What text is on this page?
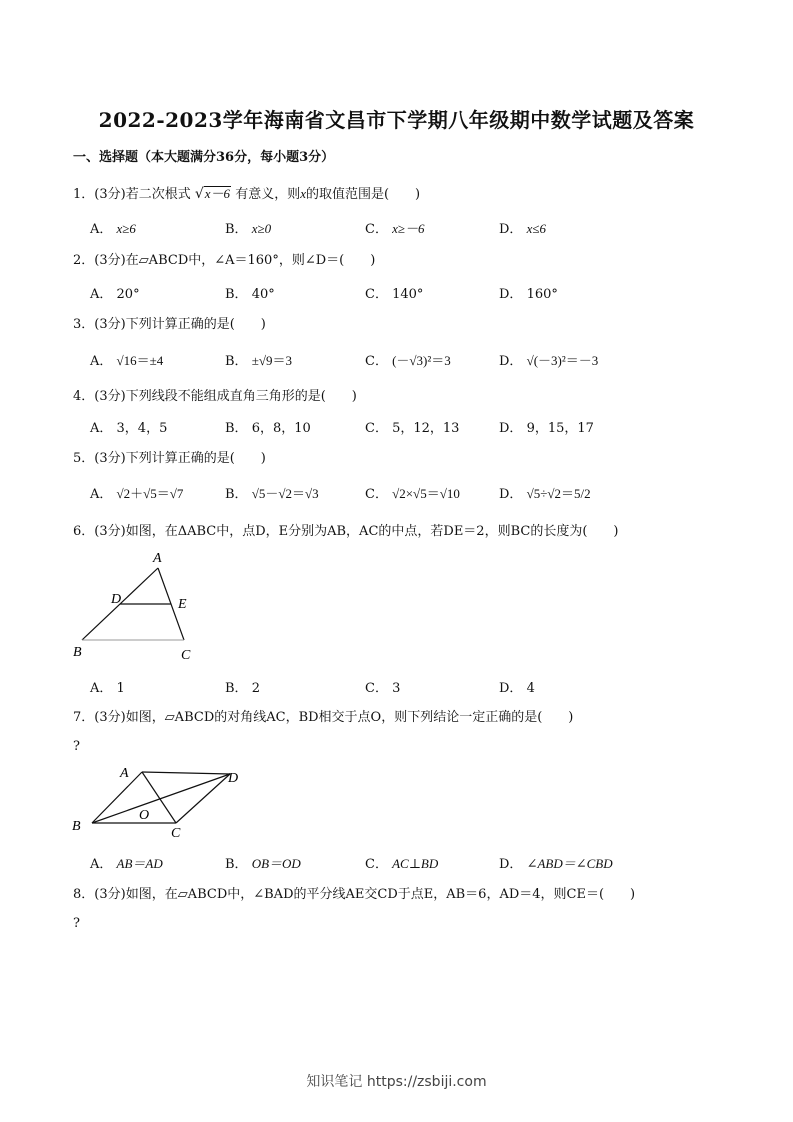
2022-2023学年海南省文昌市下学期八年级期中数学试题及答案
一、选择题（本大题满分36分，每小题3分）
1．(3分)若二次根式 √x－6 有意义，则x的取值范围是(　　)
A． x≥6	B． x≥0	C． x≥－6	D． x≤6
2．(3分)在▱ABCD中，∠A＝160°，则∠D＝(　　)
A． 20°	B． 40°	C． 140°	D． 160°
3．(3分)下列计算正确的是(　　)
A． √16＝±4	B． ±√9＝3	C． (－√3)²＝3	D． √(－3)²＝－3
4．(3分)下列线段不能组成直角三角形的是(　　)
A． 3，4，5	B． 6，8，10	C． 5，12，13	D． 9，15，17
5．(3分)下列计算正确的是(　　)
A． √2＋√5＝√7	B． √5－√2＝√3	C． √2×√5＝√10	D． √5÷√2＝5/2
6．(3分)如图，在ΔABC中，点D，E分别为AB，AC的中点，若DE＝2，则BC的长度为(　　)
A
D	E
B	C
A． 1	B． 2	C． 3	D． 4
7．(3分)如图，▱ABCD的对角线AC，BD相交于点O，则下列结论一定正确的是(　　)
?
A	D
B
O
C
A． AB＝AD	B． OB＝OD	C． AC⊥BD	D． ∠ABD＝∠CBD
8．(3分)如图，在▱ABCD中，∠BAD的平分线AE交CD于点E，AB＝6，AD＝4，则CE＝(　　)
?
知识笔记 https://zsbiji.com
